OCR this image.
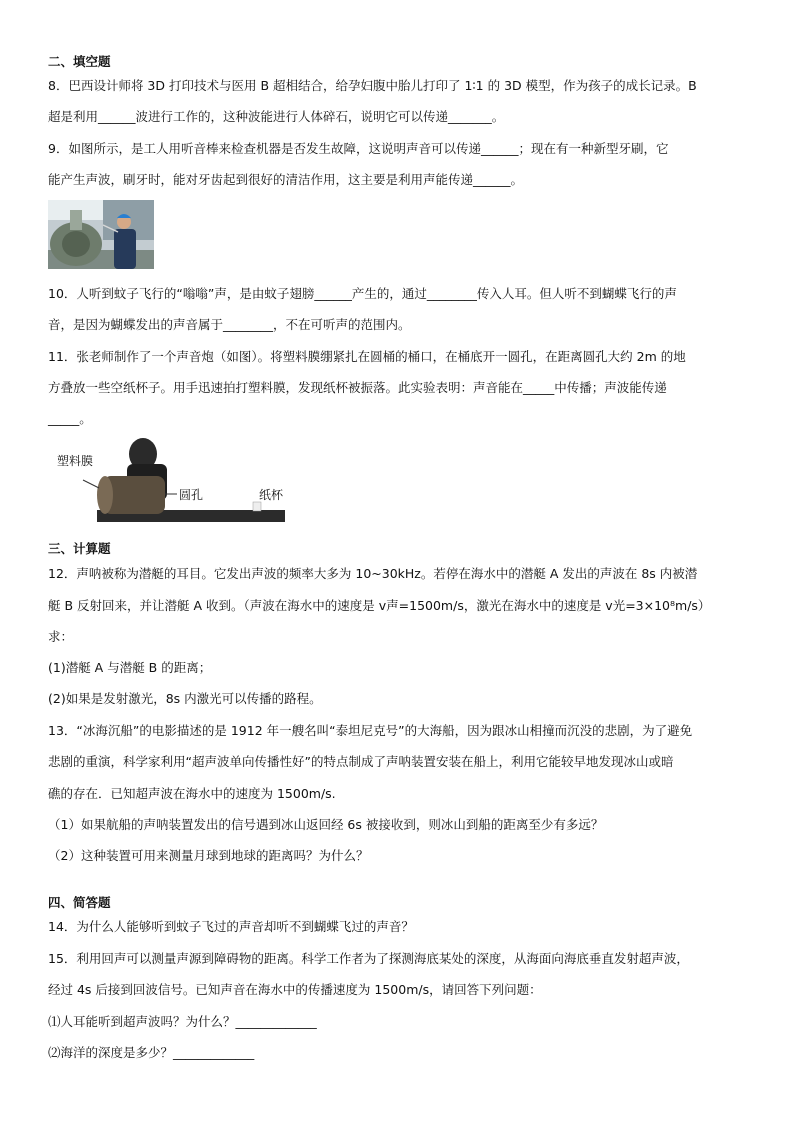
二、填空题
8．巴西设计师将 3D 打印技术与医用 B 超相结合，给孕妇腹中胎儿打印了 1∶1 的 3D 模型，作为孩子的成长记录。B
超是利用______波进行工作的，这种波能进行人体碎石，说明它可以传递_______。
9．如图所示，是工人用听音棒来检查机器是否发生故障，这说明声音可以传递______；现在有一种新型牙刷，它
能产生声波，刷牙时，能对牙齿起到很好的清洁作用，这主要是利用声能传递______。
10．人听到蚊子飞行的“嗡嗡”声，是由蚊子翅膀______产生的，通过________传入人耳。但人听不到蝴蝶飞行的声
音，是因为蝴蝶发出的声音属于________，不在可听声的范围内。
11．张老师制作了一个声音炮（如图）。将塑料膜绷紧扎在圆桶的桶口，在桶底开一圆孔，在距离圆孔大约 2m 的地
方叠放一些空纸杯子。用手迅速拍打塑料膜，发现纸杯被振落。此实验表明：声音能在_____中传播；声波能传递
_____。
塑料膜
圆孔	纸杯
三、计算题
12．声呐被称为潜艇的耳目。它发出声波的频率大多为 10~30kHz。若停在海水中的潜艇 A 发出的声波在 8s 内被潜
艇 B 反射回来，并让潜艇 A 收到。（声波在海水中的速度是 v声=1500m/s，激光在海水中的速度是 v光=3×10⁸m/s）
求：
(1)潜艇 A 与潜艇 B 的距离；
(2)如果是发射激光，8s 内激光可以传播的路程。
13．“冰海沉船”的电影描述的是 1912 年一艘名叫“泰坦尼克号”的大海船，因为跟冰山相撞而沉没的悲剧，为了避免
悲剧的重演，科学家利用“超声波单向传播性好”的特点制成了声呐装置安装在船上，利用它能较早地发现冰山或暗
礁的存在．已知超声波在海水中的速度为 1500m/s.
（1）如果航船的声呐装置发出的信号遇到冰山返回经 6s 被接收到，则冰山到船的距离至少有多远？
（2）这种装置可用来测量月球到地球的距离吗？为什么？
四、简答题
14．为什么人能够听到蚊子飞过的声音却听不到蝴蝶飞过的声音？
15．利用回声可以测量声源到障碍物的距离。科学工作者为了探测海底某处的深度，从海面向海底垂直发射超声波，
经过 4s 后接到回波信号。已知声音在海水中的传播速度为 1500m/s，请回答下列问题：
⑴人耳能听到超声波吗？为什么？_____________
⑵海洋的深度是多少？_____________
